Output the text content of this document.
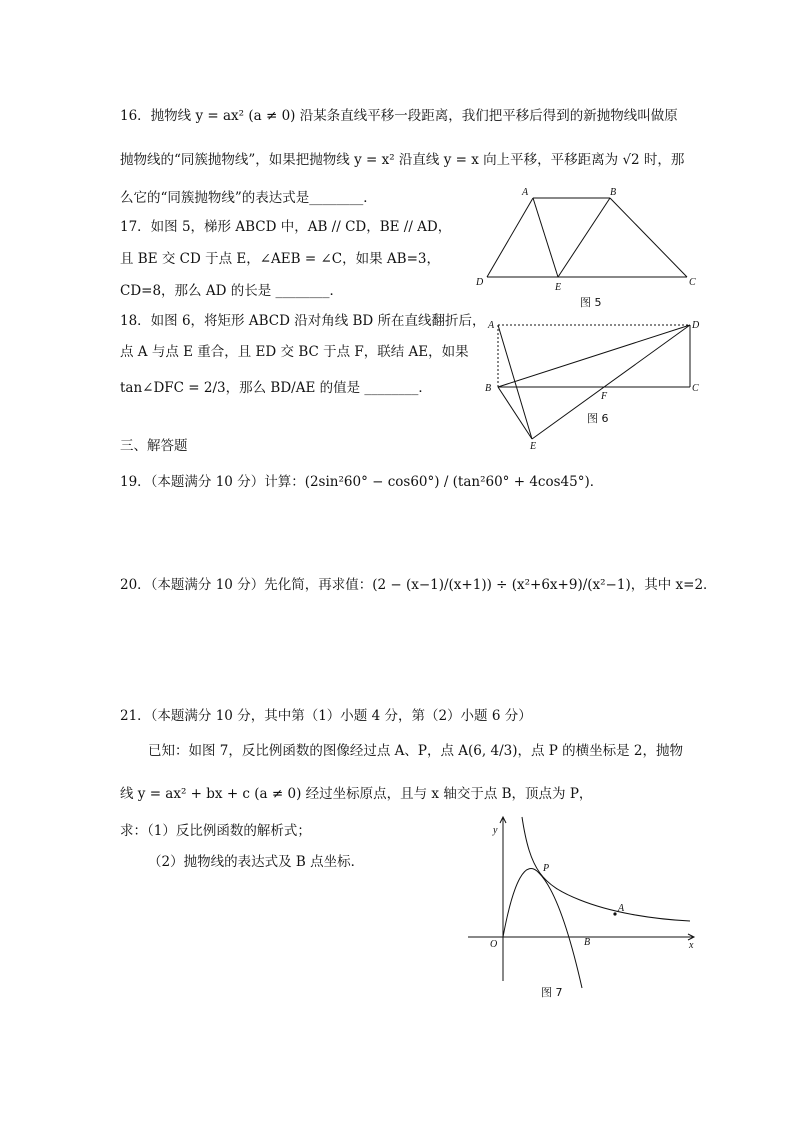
16．抛物线 y = ax² (a ≠ 0) 沿某条直线平移一段距离，我们把平移后得到的新抛物线叫做原
抛物线的“同簇抛物线”，如果把抛物线 y = x² 沿直线 y = x 向上平移，平移距离为 √2 时，那
么它的“同簇抛物线”的表达式是________．
17．如图 5，梯形 ABCD 中，AB // CD，BE // AD，
且 BE 交 CD 于点 E，∠AEB = ∠C，如果 AB=3，
CD=8，那么 AD 的长是 ________．
18．如图 6，将矩形 ABCD 沿对角线 BD 所在直线翻折后，
点 A 与点 E 重合，且 ED 交 BC 于点 F，联结 AE，如果
tan∠DFC = 2/3，那么 BD/AE 的值是 ________．
三、解答题
19．（本题满分 10 分）计算：(2sin²60° − cos60°) / (tan²60° + 4cos45°)．
20．（本题满分 10 分）先化简，再求值：(2 − (x−1)/(x+1)) ÷ (x²+6x+9)/(x²−1)，其中 x=2．
21．（本题满分 10 分，其中第（1）小题 4 分，第（2）小题 6 分）
已知：如图 7，反比例函数的图像经过点 A、P，点 A(6, 4/3)，点 P 的横坐标是 2，抛物
线 y = ax² + bx + c (a ≠ 0) 经过坐标原点，且与 x 轴交于点 B，顶点为 P，
求：（1）反比例函数的解析式；
（2）抛物线的表达式及 B 点坐标．
A	B
C
D	E
图 5
A
B	C
D
E
F
图 6
y
x
O
P
A
B
图 7
